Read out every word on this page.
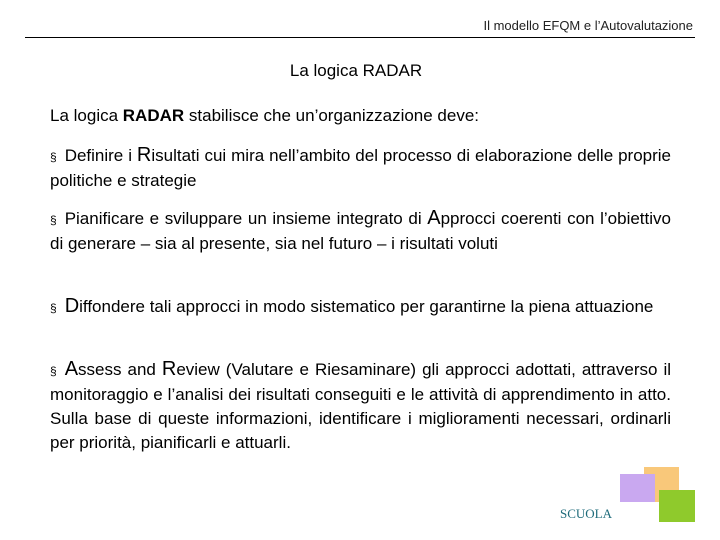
Il modello EFQM e l’Autovalutazione
La logica RADAR
La logica RADAR stabilisce che un’organizzazione deve:
§ Definire i Risultati cui mira nell’ambito del processo di elaborazione delle proprie politiche e strategie
§ Pianificare e sviluppare un insieme integrato di Approcci coerenti con l’obiettivo di generare – sia al presente, sia nel futuro – i risultati voluti
§ Diffondere tali approcci in modo sistematico per garantirne la piena attuazione
§ Assess and Review (Valutare e Riesaminare) gli approcci adottati, attraverso il monitoraggio e l’analisi dei risultati conseguiti e le attività di apprendimento in atto. Sulla base di queste informazioni, identificare i miglioramenti necessari, ordinarli per priorità, pianificarli e attuarli.
SCUOLA
